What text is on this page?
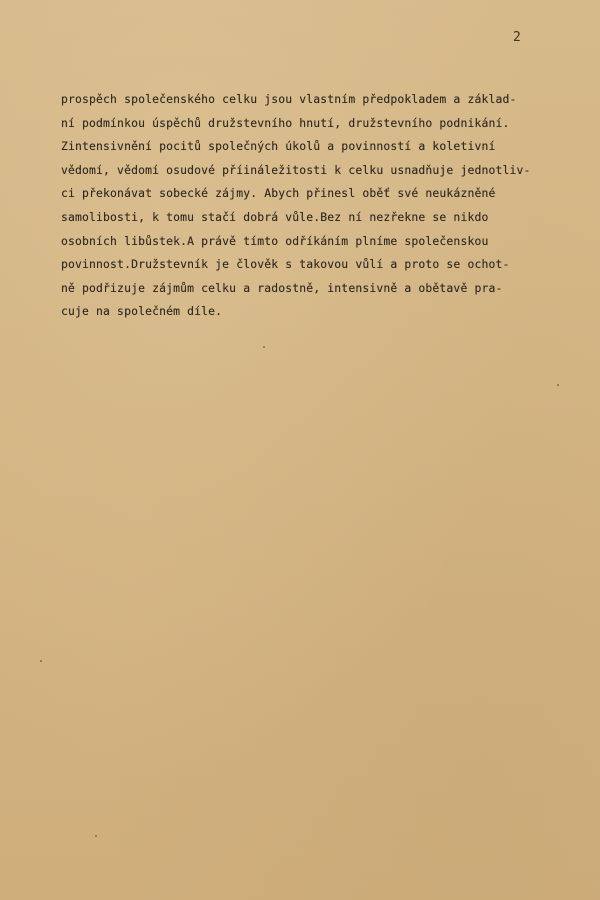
2
prospěch společenského celku jsou vlastním předpokladem a základ-
ní podmínkou úspěchů družstevního hnutí, družstevního podnikání.
Zintensivnění pocitů společných úkolů a povinností a koletivní
vědomí, vědomí osudové příináležitosti k celku usnadňuje jednotliv-
ci překonávat sobecké zájmy. Abych přinesl oběť své neukázněné
samolibosti, k tomu stačí dobrá vůle.Bez ní nezřekne se nikdo
osobních libůstek.A právě tímto odříkáním plníme společenskou
povinnost.Družstevník je člověk s takovou vůlí a proto se ochot-
ně podřizuje zájmům celku a radostně, intensivně a obětavě pra-
cuje na společném díle.
